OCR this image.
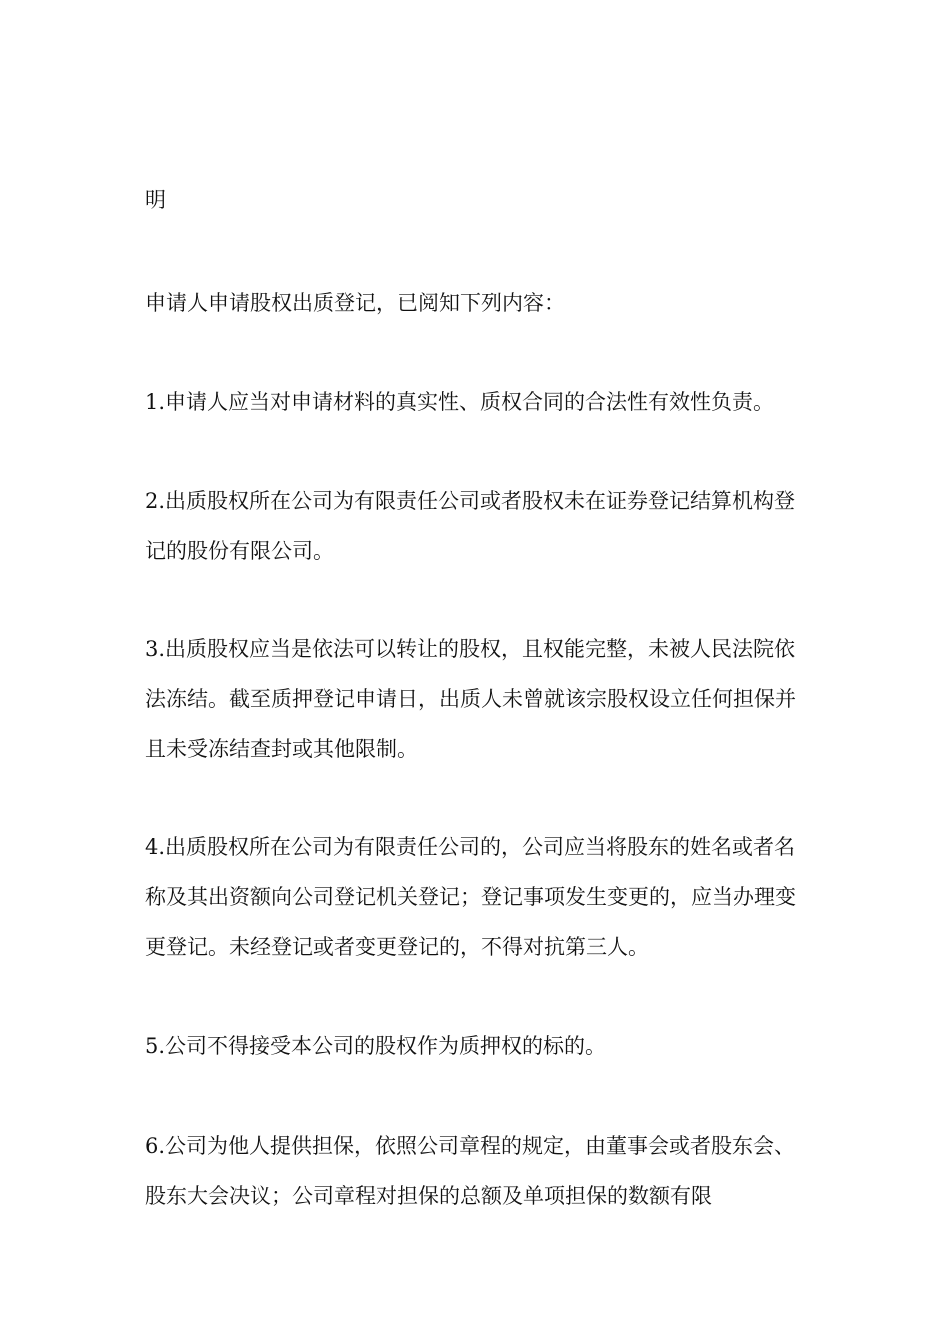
明

申请人申请股权出质登记，已阅知下列内容：

1.申请人应当对申请材料的真实性、质权合同的合法性有效性负责。

2.出质股权所在公司为有限责任公司或者股权未在证券登记结算机构登记的股份有限公司。

3.出质股权应当是依法可以转让的股权，且权能完整，未被人民法院依法冻结。截至质押登记申请日，出质人未曾就该宗股权设立任何担保并且未受冻结查封或其他限制。

4.出质股权所在公司为有限责任公司的，公司应当将股东的姓名或者名称及其出资额向公司登记机关登记；登记事项发生变更的，应当办理变更登记。未经登记或者变更登记的，不得对抗第三人。

5.公司不得接受本公司的股权作为质押权的标的。

6.公司为他人提供担保，依照公司章程的规定，由董事会或者股东会、股东大会决议；公司章程对担保的总额及单项担保的数额有限
